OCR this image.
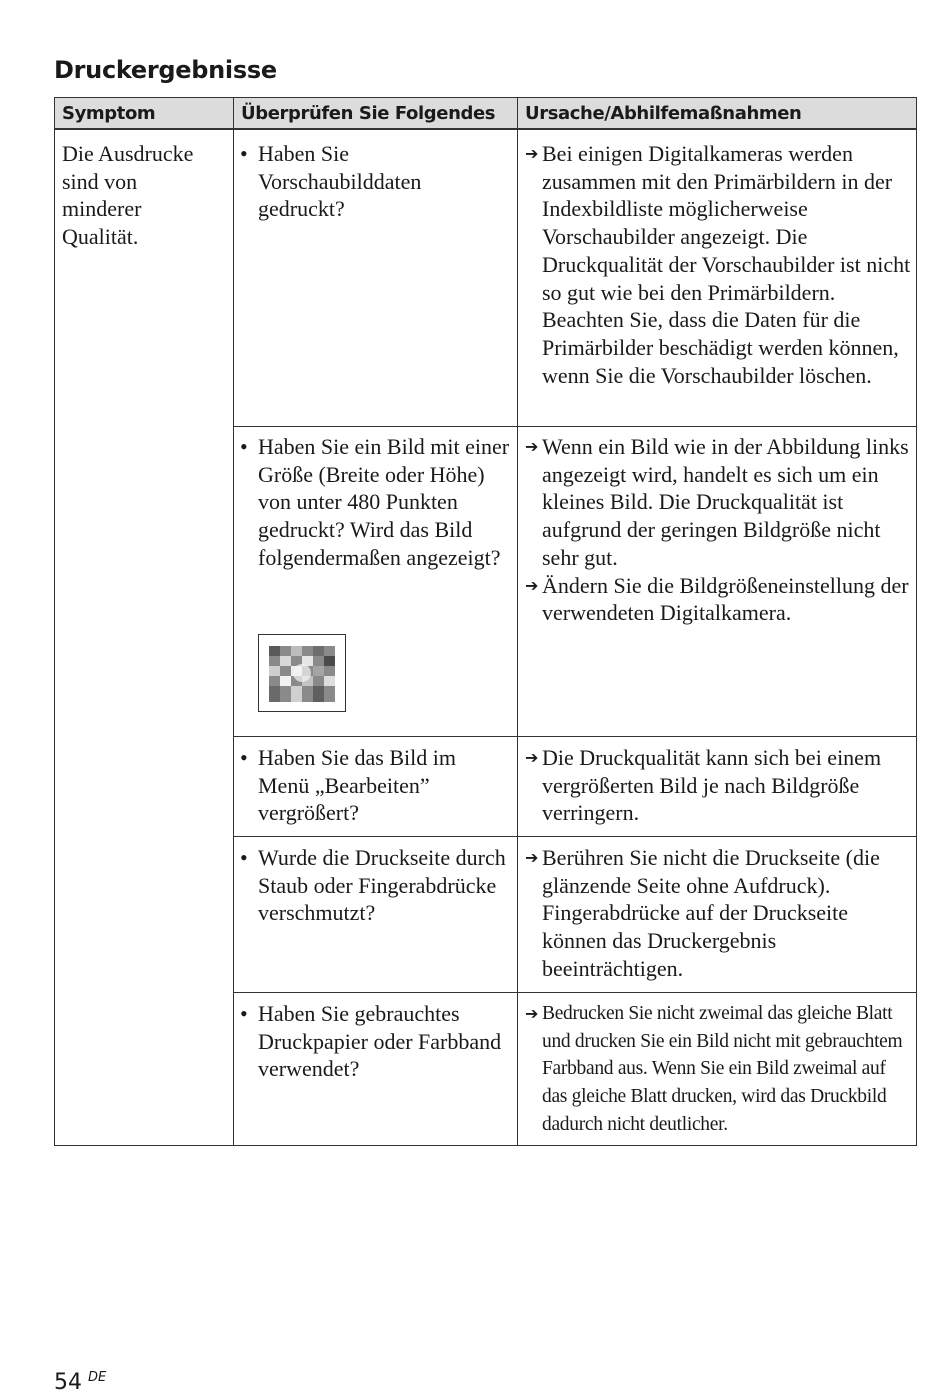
Druckergebnisse
Symptom	Überprüfen Sie Folgendes	Ursache/Abhilfemaßnahmen
Die Ausdrucke sind von minderer Qualität.
• Haben Sie Vorschaubilddaten gedruckt?
➔ Bei einigen Digitalkameras werden zusammen mit den Primärbildern in der Indexbildliste möglicherweise Vorschaubilder angezeigt. Die Druckqualität der Vorschaubilder ist nicht so gut wie bei den Primärbildern. Beachten Sie, dass die Daten für die Primärbilder beschädigt werden können, wenn Sie die Vorschaubilder löschen.
• Haben Sie ein Bild mit einer Größe (Breite oder Höhe) von unter 480 Punkten gedruckt? Wird das Bild folgendermaßen angezeigt?
➔ Wenn ein Bild wie in der Abbildung links angezeigt wird, handelt es sich um ein kleines Bild. Die Druckqualität ist aufgrund der geringen Bildgröße nicht sehr gut.
➔ Ändern Sie die Bildgrößeneinstellung der verwendeten Digitalkamera.
• Haben Sie das Bild im Menü „Bearbeiten” vergrößert?
➔ Die Druckqualität kann sich bei einem vergrößerten Bild je nach Bildgröße verringern.
• Wurde die Druckseite durch Staub oder Fingerabdrücke verschmutzt?
➔ Berühren Sie nicht die Druckseite (die glänzende Seite ohne Aufdruck). Fingerabdrücke auf der Druckseite können das Druckergebnis beeinträchtigen.
• Haben Sie gebrauchtes Druckpapier oder Farbband verwendet?
➔ Bedrucken Sie nicht zweimal das gleiche Blatt und drucken Sie ein Bild nicht mit gebrauchtem Farbband aus. Wenn Sie ein Bild zweimal auf das gleiche Blatt drucken, wird das Druckbild dadurch nicht deutlicher.
54 DE
